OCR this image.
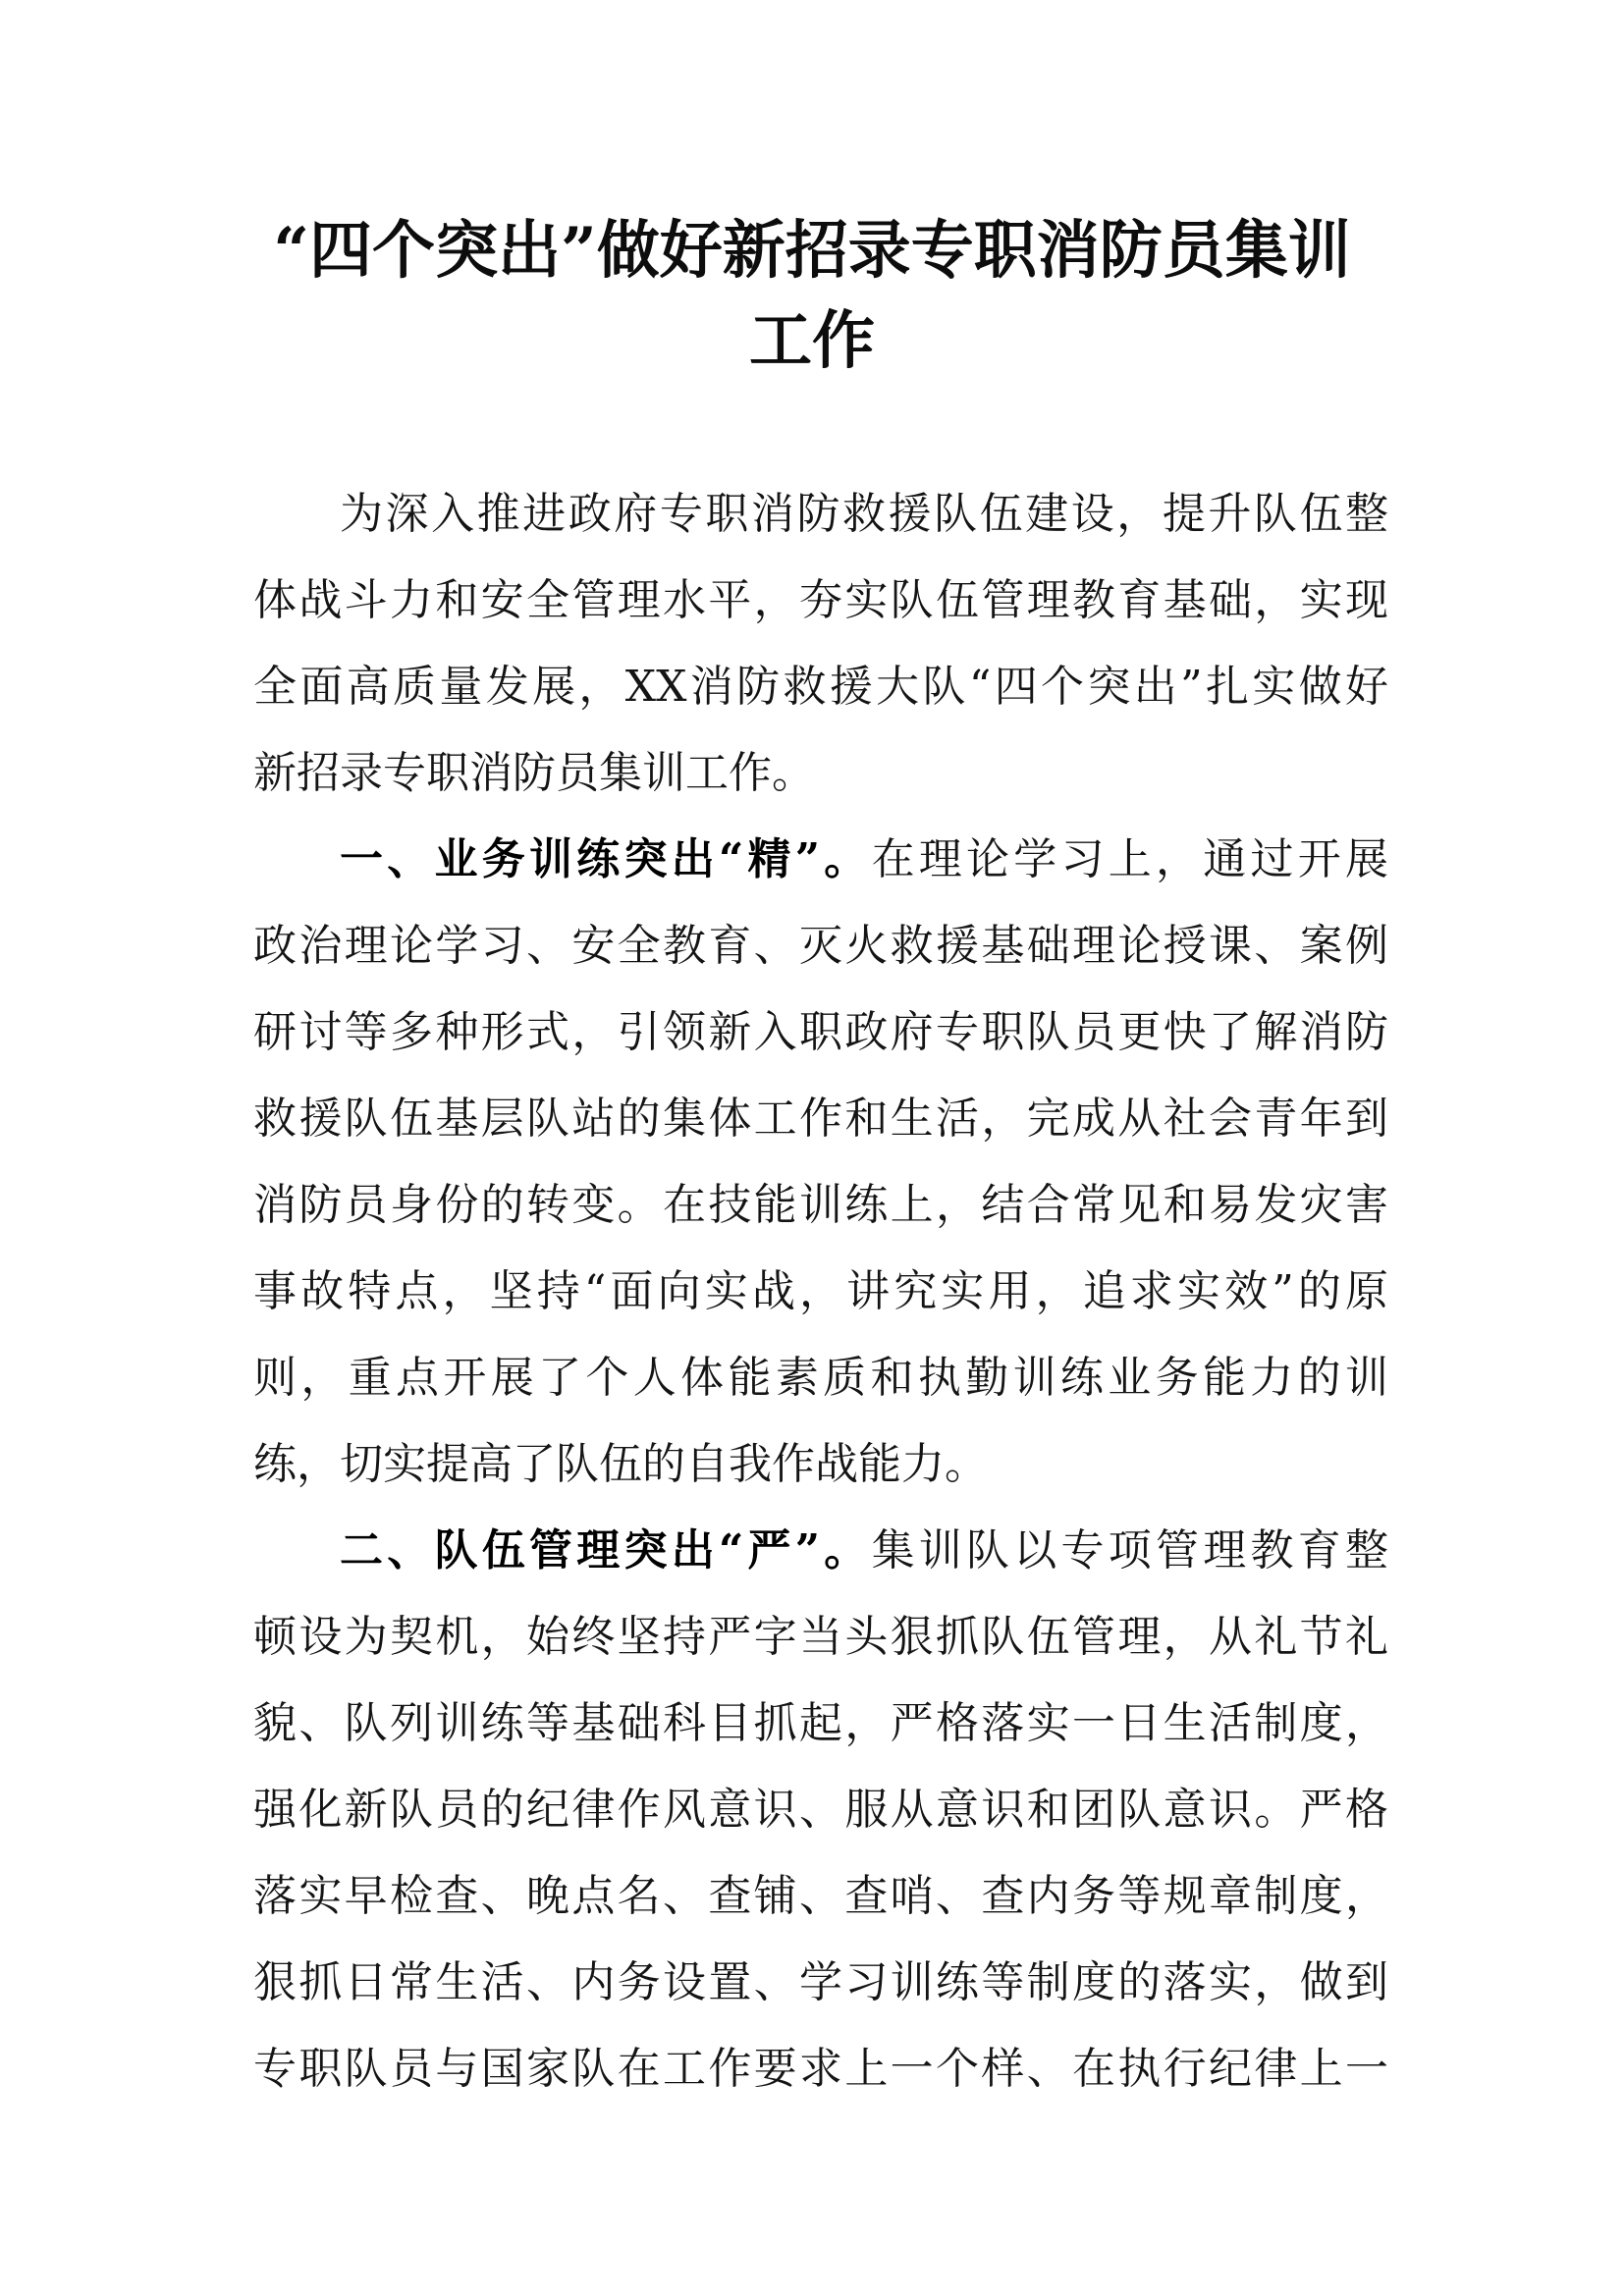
“四个突出”做好新招录专职消防员集训
工作
为深入推进政府专职消防救援队伍建设，提升队伍整
体战斗力和安全管理水平，夯实队伍管理教育基础，实现
全面高质量发展，XX消防救援大队“四个突出”扎实做好
新招录专职消防员集训工作。
一、业务训练突出“精”。在理论学习上，通过开展
政治理论学习、安全教育、灭火救援基础理论授课、案例
研讨等多种形式，引领新入职政府专职队员更快了解消防
救援队伍基层队站的集体工作和生活，完成从社会青年到
消防员身份的转变。在技能训练上，结合常见和易发灾害
事故特点，坚持“面向实战，讲究实用，追求实效”的原
则，重点开展了个人体能素质和执勤训练业务能力的训
练，切实提高了队伍的自我作战能力。
二、队伍管理突出“严”。集训队以专项管理教育整
顿设为契机，始终坚持严字当头狠抓队伍管理，从礼节礼
貌、队列训练等基础科目抓起，严格落实一日生活制度，
强化新队员的纪律作风意识、服从意识和团队意识。严格
落实早检查、晚点名、查铺、查哨、查内务等规章制度，
狠抓日常生活、内务设置、学习训练等制度的落实，做到
专职队员与国家队在工作要求上一个样、在执行纪律上一
